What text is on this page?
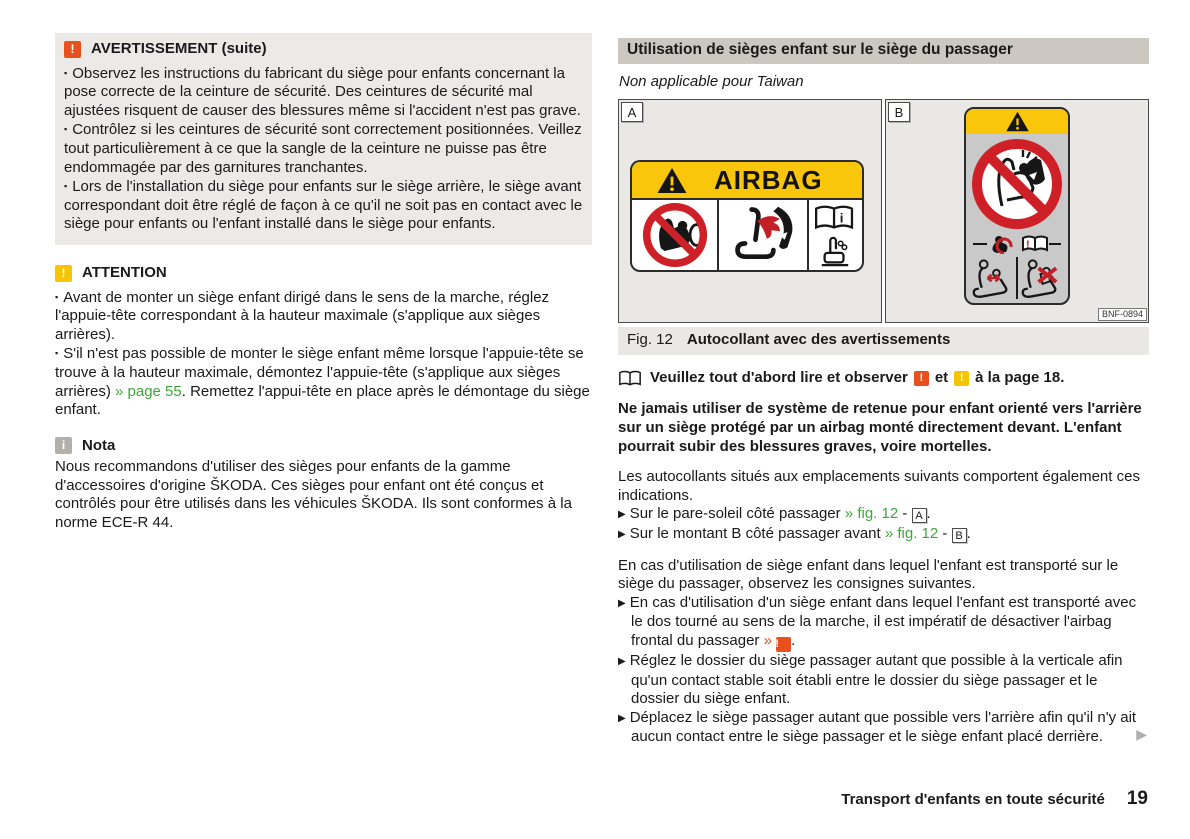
!	AVERTISSEMENT (suite)

▪ Observez les instructions du fabricant du siège pour enfants concernant la pose correcte de la ceinture de sécurité. Des ceintures de sécurité mal ajustées risquent de causer des blessures même si l'accident n'est pas grave.

▪ Contrôlez si les ceintures de sécurité sont correctement positionnées. Veillez tout particulièrement à ce que la sangle de la ceinture ne puisse pas être endommagée par des garnitures tranchantes.

▪ Lors de l'installation du siège pour enfants sur le siège arrière, le siège avant correspondant doit être réglé de façon à ce qu'il ne soit pas en contact avec le siège pour enfants ou l'enfant installé dans le siège pour enfants.

!	ATTENTION

▪ Avant de monter un siège enfant dirigé dans le sens de la marche, réglez l'appuie-tête correspondant à la hauteur maximale (s'applique aux sièges arrières).

▪ S'il n'est pas possible de monter le siège enfant même lorsque l'appuie-tête se trouve à la hauteur maximale, démontez l'appuie-tête (s'applique aux sièges arrières) » page 55. Remettez l'appui-tête en place après le démontage du siège enfant.

i	Nota

Nous recommandons d'utiliser des sièges pour enfants de la gamme d'accessoires d'origine ŠKODA. Ces sièges pour enfant ont été conçus et contrôlés pour être utilisés dans les véhicules ŠKODA. Ils sont conformes à la norme ECE-R 44.

Utilisation de sièges enfant sur le siège du passager
Non applicable pour Taiwan
A
AIRBAG
i
B
!
BNF-0894
Fig. 12 Autocollant avec des avertissements
Veuillez tout d'abord lire et observer	! et	! à la page 18.

Ne jamais utiliser de système de retenue pour enfant orienté vers l'arrière sur un siège protégé par un airbag monté directement devant. L'enfant pourrait subir des blessures graves, voire mortelles.

Les autocollants situés aux emplacements suivants comportent également ces indications.

▶ Sur le pare-soleil côté passager » fig. 12 - A .

▶ Sur le montant B côté passager avant » fig. 12 - B .

En cas d'utilisation de siège enfant dans lequel l'enfant est transporté sur le siège du passager, observez les consignes suivantes.

▶ En cas d'utilisation d'un siège enfant dans lequel l'enfant est transporté avec le dos tourné au sens de la marche, il est impératif de désactiver l'airbag frontal du passager » ! .

▶ Réglez le dossier du siège passager autant que possible à la verticale afin qu'un contact stable soit établi entre le dossier du siège passager et le dossier du siège enfant.

▶ Déplacez le siège passager autant que possible vers l'arrière afin qu'il n'y ait aucun contact entre le siège passager et le siège enfant placé derrière.	▶
Transport d'enfants en toute sécurité 19
